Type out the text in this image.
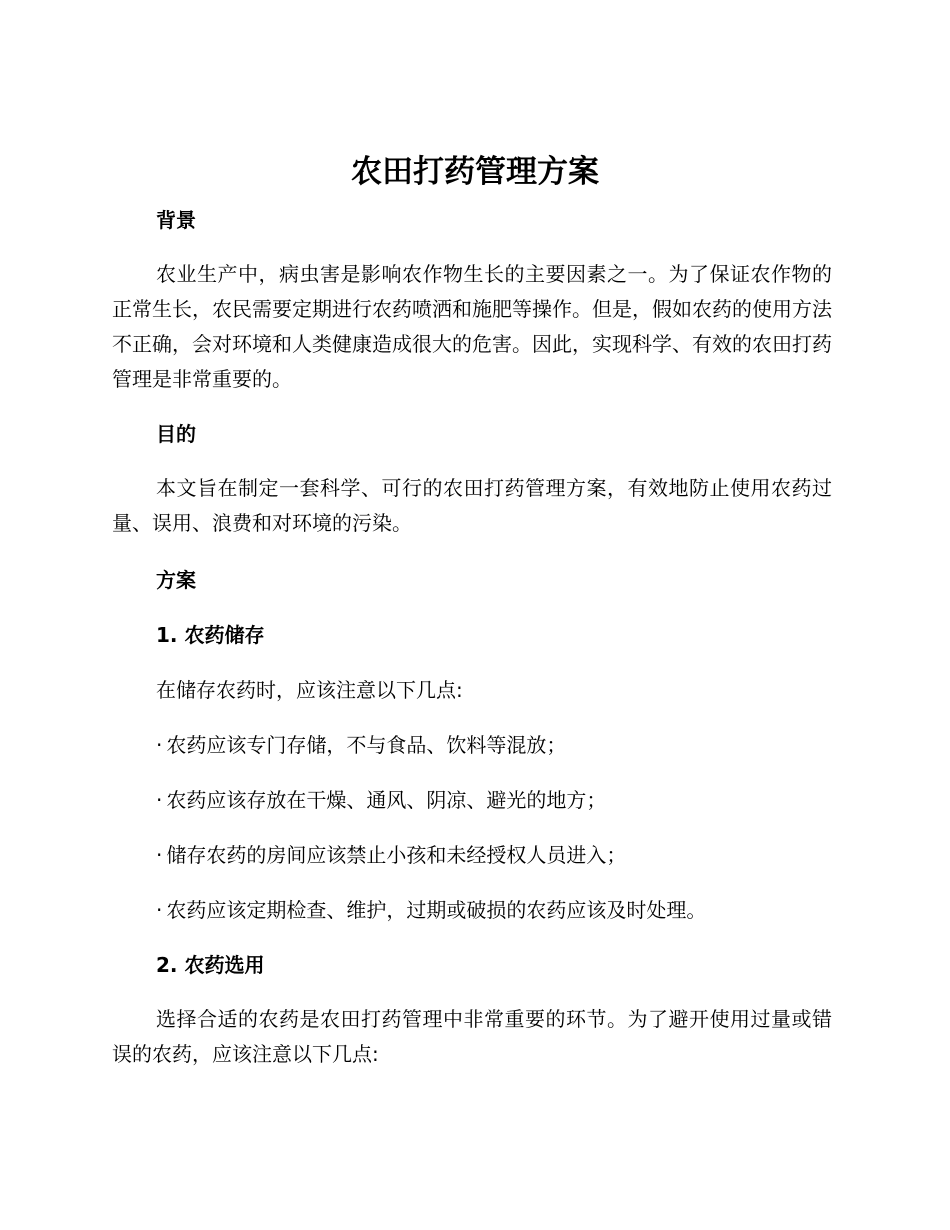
农田打药管理方案

背景

农业生产中，病虫害是影响农作物生长的主要因素之一。为了保证农作物的正常生长，农民需要定期进行农药喷洒和施肥等操作。但是，假如农药的使用方法不正确，会对环境和人类健康造成很大的危害。因此，实现科学、有效的农田打药管理是非常重要的。

目的

本文旨在制定一套科学、可行的农田打药管理方案，有效地防止使用农药过量、误用、浪费和对环境的污染。

方案

1. 农药储存

在储存农药时，应该注意以下几点:

· 农药应该专门存储，不与食品、饮料等混放；

· 农药应该存放在干燥、通风、阴凉、避光的地方；

· 储存农药的房间应该禁止小孩和未经授权人员进入；

· 农药应该定期检查、维护，过期或破损的农药应该及时处理。

2. 农药选用

选择合适的农药是农田打药管理中非常重要的环节。为了避开使用过量或错误的农药，应该注意以下几点:
